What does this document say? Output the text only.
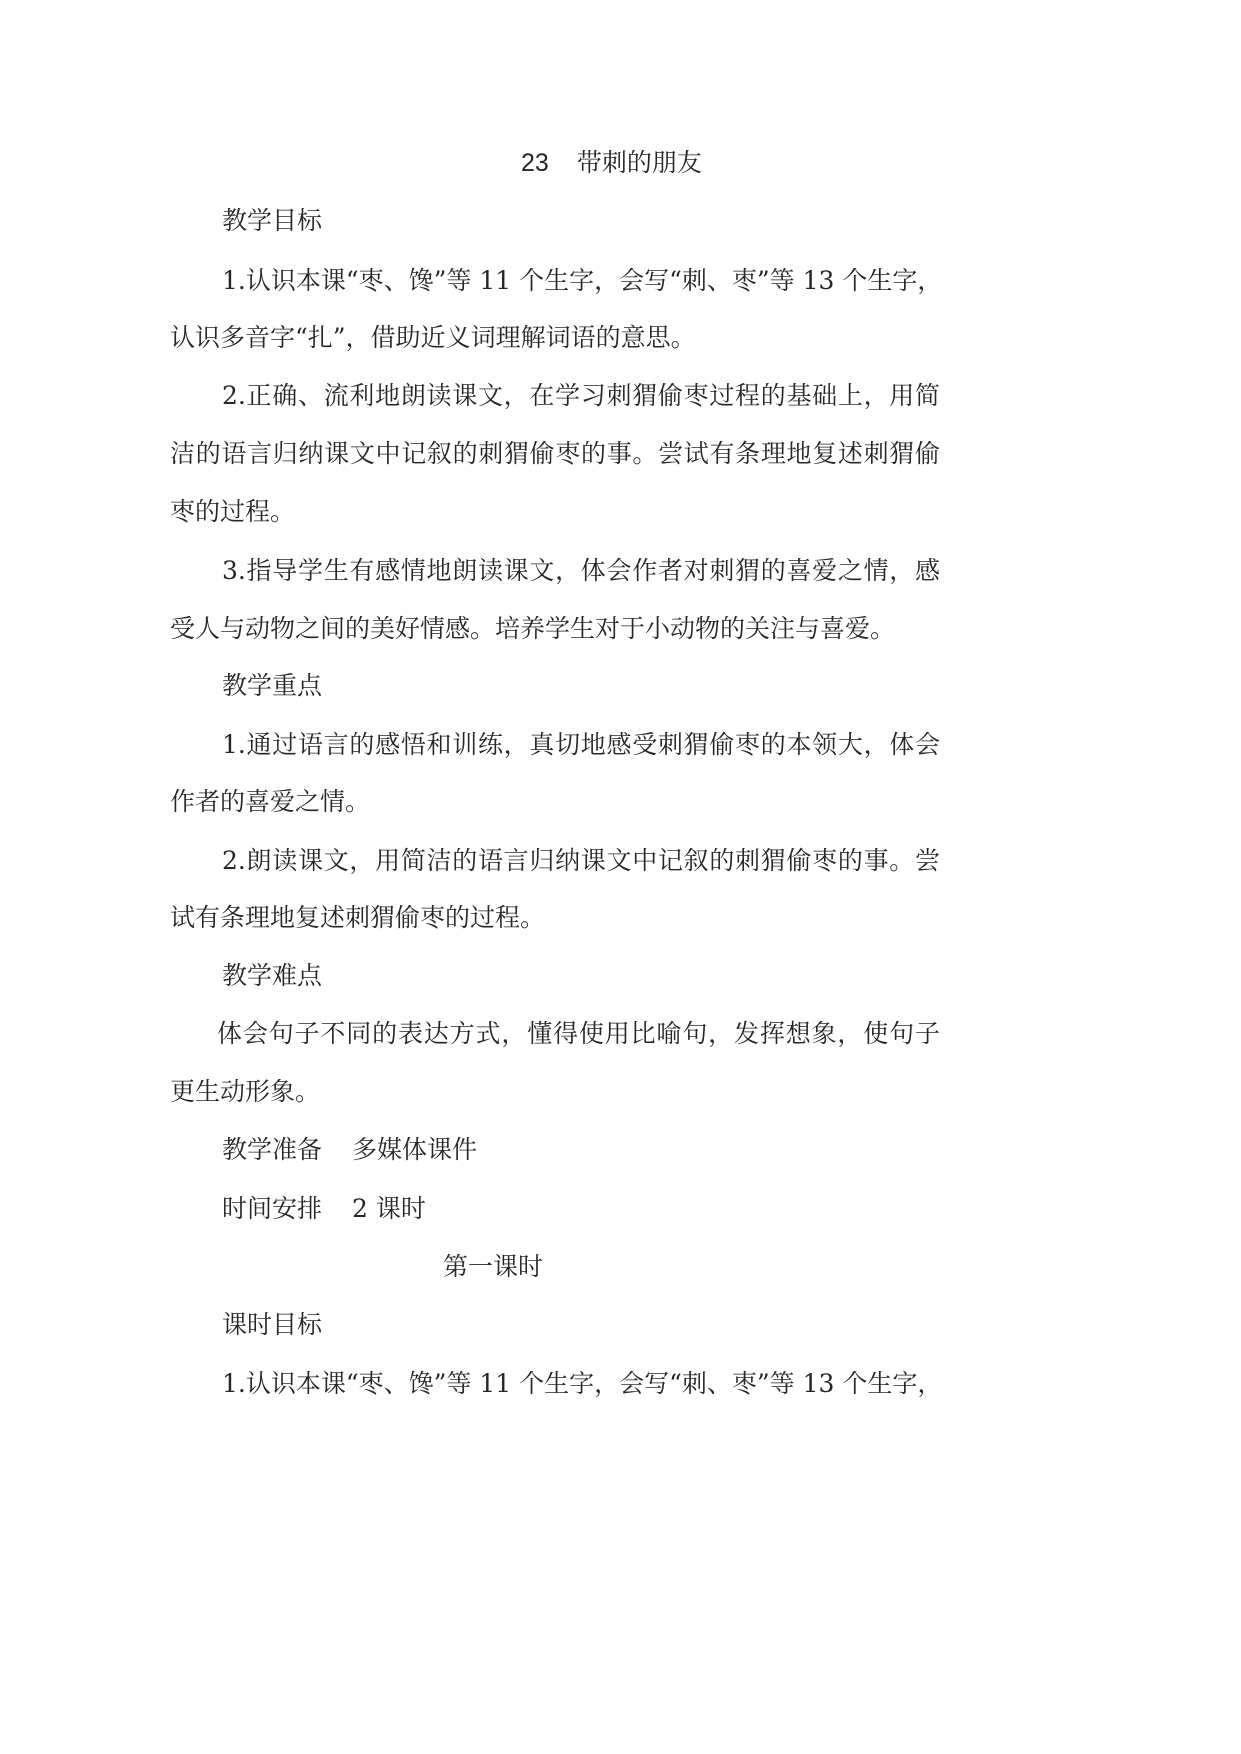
23 带刺的朋友
教学目标
1.认识本课“枣、馋”等 11 个生字，会写“刺、枣”等 13 个生字，
认识多音字“扎”，借助近义词理解词语的意思。
2.正确、流利地朗读课文，在学习刺猬偷枣过程的基础上，用简
洁的语言归纳课文中记叙的刺猬偷枣的事。尝试有条理地复述刺猬偷
枣的过程。
3.指导学生有感情地朗读课文，体会作者对刺猬的喜爱之情，感
受人与动物之间的美好情感。培养学生对于小动物的关注与喜爱。
教学重点
1.通过语言的感悟和训练，真切地感受刺猬偷枣的本领大，体会
作者的喜爱之情。
2.朗读课文，用简洁的语言归纳课文中记叙的刺猬偷枣的事。尝
试有条理地复述刺猬偷枣的过程。
教学难点
体会句子不同的表达方式，懂得使用比喻句，发挥想象，使句子
更生动形象。
教学准备 多媒体课件
时间安排 2 课时
第一课时
课时目标
1.认识本课“枣、馋”等 11 个生字，会写“刺、枣”等 13 个生字，
